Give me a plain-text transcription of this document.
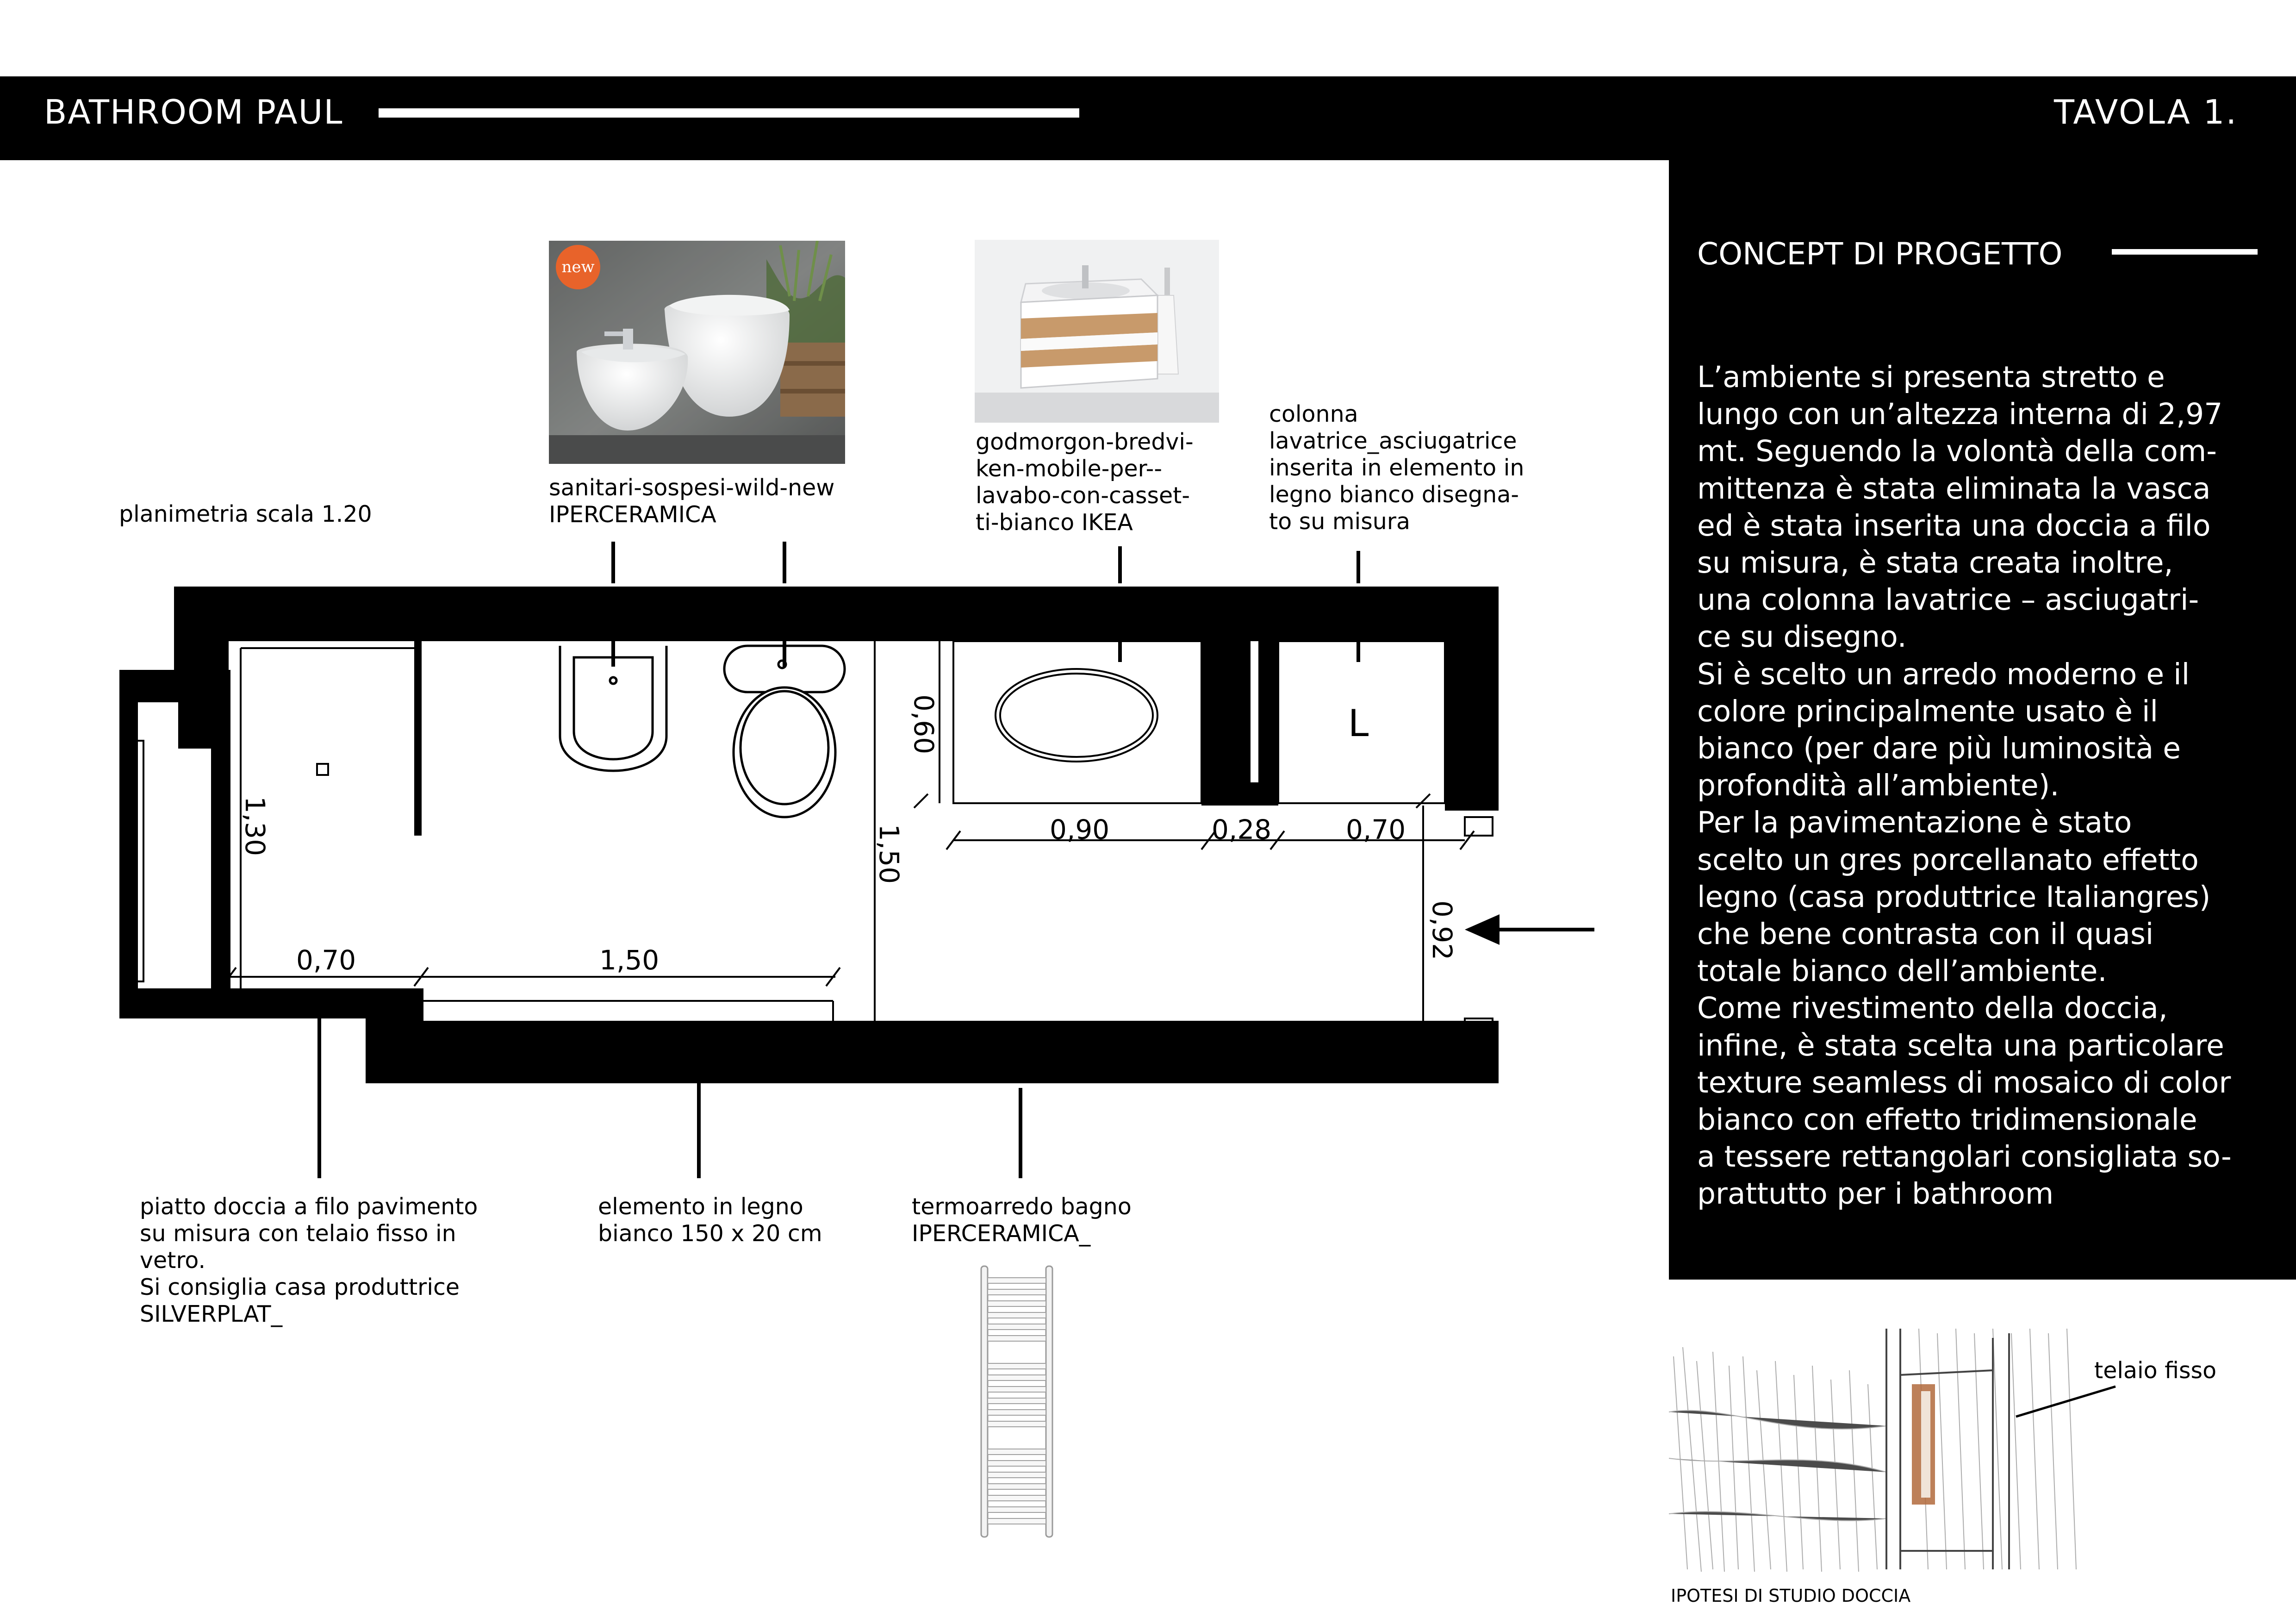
BATHROOM PAUL	TAVOLA 1.
CONCEPT DI PROGETTO

L’ambiente si presenta stretto e

lungo con un’altezza interna di 2,97

mt. Seguendo la volontà della com-

mittenza è stata eliminata la vasca

ed è stata inserita una doccia a filo

su misura, è stata creata inoltre,

una colonna lavatrice – asciugatri-

ce su disegno.

Si è scelto un arredo moderno e il

colore principalmente usato è il

bianco (per dare più luminosità e

profondità all’ambiente).

Per la pavimentazione è stato

scelto un gres porcellanato effetto

legno (casa produttrice Italiangres)

che bene contrasta con il quasi

totale bianco dell’ambiente.

Come rivestimento della doccia,

infine, è stata scelta una particolare

texture seamless di mosaico di color

bianco con effetto tridimensionale

a tessere rettangolari consigliata so-

prattutto per i bathroom

new
L
0,70	1,50
1,30
0,60
1,50	0,90	0,28	0,70
0,92
planimetria scala 1.20
sanitari-sospesi-wild-new
IPERCERAMICA
godmorgon-bredvi-
ken-mobile-per--
lavabo-con-casset-
ti-bianco IKEA
colonna
lavatrice_asciugatrice
inserita in elemento in
legno bianco disegna-
to su misura
piatto doccia a filo pavimento
su misura con telaio fisso in
vetro.
Si consiglia casa produttrice
SILVERPLAT_
elemento in legno
bianco 150 x 20 cm
termoarredo bagno
IPERCERAMICA_
telaio fisso
IPOTESI DI STUDIO DOCCIA
